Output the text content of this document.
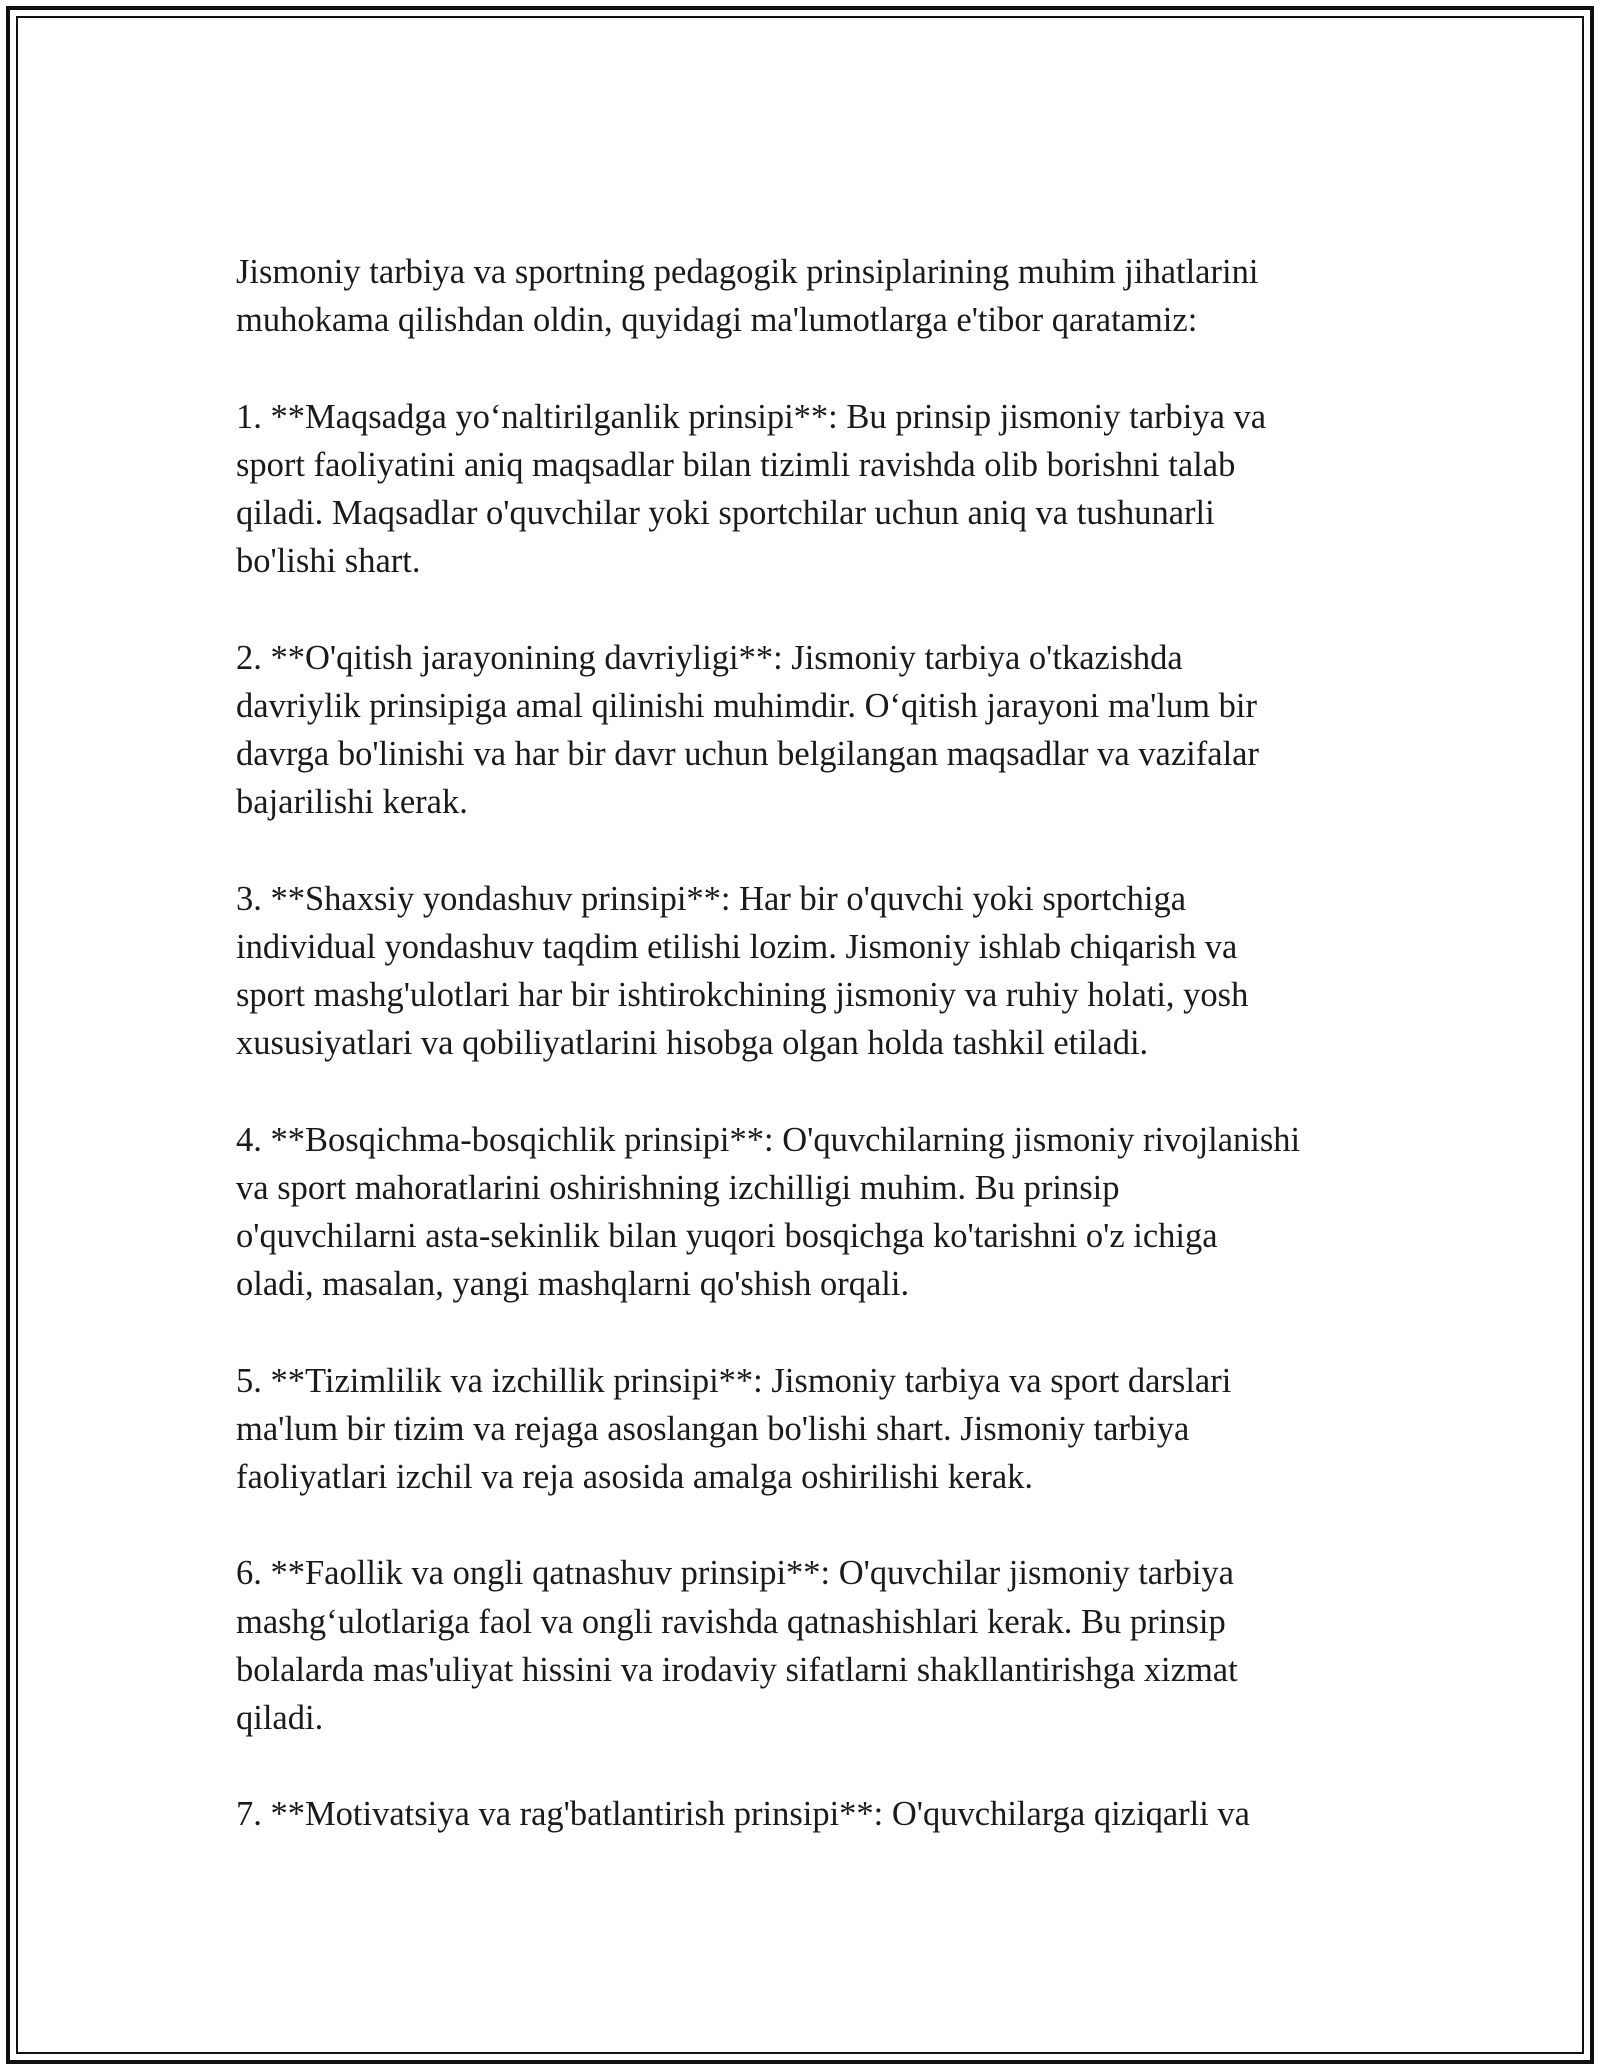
Jismoniy tarbiya va sportning pedagogik prinsiplarining muhim jihatlarini
muhokama qilishdan oldin, quyidagi ma'lumotlarga e'tibor qaratamiz:

1. **Maqsadga yo‘naltirilganlik prinsipi**: Bu prinsip jismoniy tarbiya va
sport faoliyatini aniq maqsadlar bilan tizimli ravishda olib borishni talab
qiladi. Maqsadlar o'quvchilar yoki sportchilar uchun aniq va tushunarli
bo'lishi shart.

2. **O'qitish jarayonining davriyligi**: Jismoniy tarbiya o'tkazishda
davriylik prinsipiga amal qilinishi muhimdir. O‘qitish jarayoni ma'lum bir
davrga bo'linishi va har bir davr uchun belgilangan maqsadlar va vazifalar
bajarilishi kerak.

3. **Shaxsiy yondashuv prinsipi**: Har bir o'quvchi yoki sportchiga
individual yondashuv taqdim etilishi lozim. Jismoniy ishlab chiqarish va
sport mashg'ulotlari har bir ishtirokchining jismoniy va ruhiy holati, yosh
xususiyatlari va qobiliyatlarini hisobga olgan holda tashkil etiladi.

4. **Bosqichma-bosqichlik prinsipi**: O'quvchilarning jismoniy rivojlanishi
va sport mahoratlarini oshirishning izchilligi muhim. Bu prinsip
o'quvchilarni asta-sekinlik bilan yuqori bosqichga ko'tarishni o'z ichiga
oladi, masalan, yangi mashqlarni qo'shish orqali.

5. **Tizimlilik va izchillik prinsipi**: Jismoniy tarbiya va sport darslari
ma'lum bir tizim va rejaga asoslangan bo'lishi shart. Jismoniy tarbiya
faoliyatlari izchil va reja asosida amalga oshirilishi kerak.

6. **Faollik va ongli qatnashuv prinsipi**: O'quvchilar jismoniy tarbiya
mashg‘ulotlariga faol va ongli ravishda qatnashishlari kerak. Bu prinsip
bolalarda mas'uliyat hissini va irodaviy sifatlarni shakllantirishga xizmat
qiladi.

7. **Motivatsiya va rag'batlantirish prinsipi**: O'quvchilarga qiziqarli va
